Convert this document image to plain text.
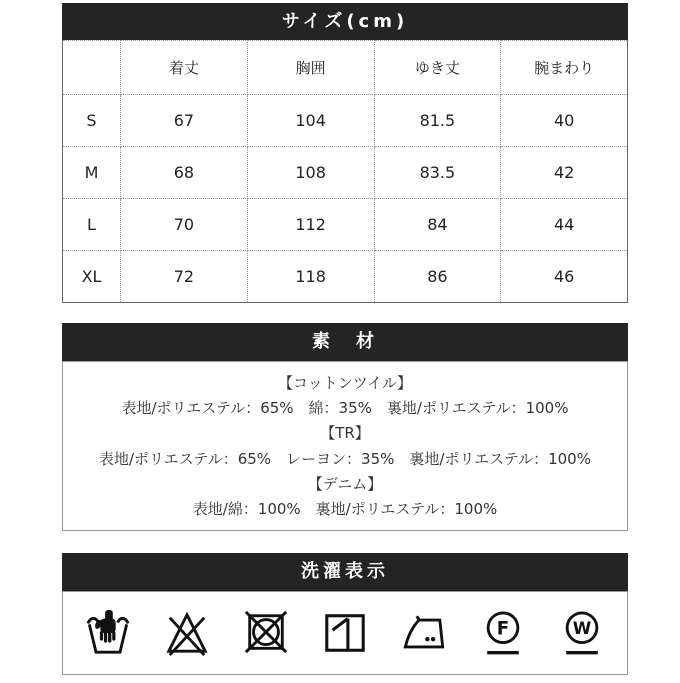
サイズ(cm)
	着丈	胸囲	ゆき丈	腕まわり
S	67	104	81.5	40
M	68	108	83.5	42
L	70	112	84	44
XL	72	118	86	46
素　材
【コットンツイル】
表地/ポリエステル：65%　綿：35%　裏地/ポリエステル：100%
【TR】
表地/ポリエステル：65%　レーヨン：35%　裏地/ポリエステル：100%
【デニム】
表地/綿：100%　裏地/ポリエステル：100%
洗濯表示
F	W
